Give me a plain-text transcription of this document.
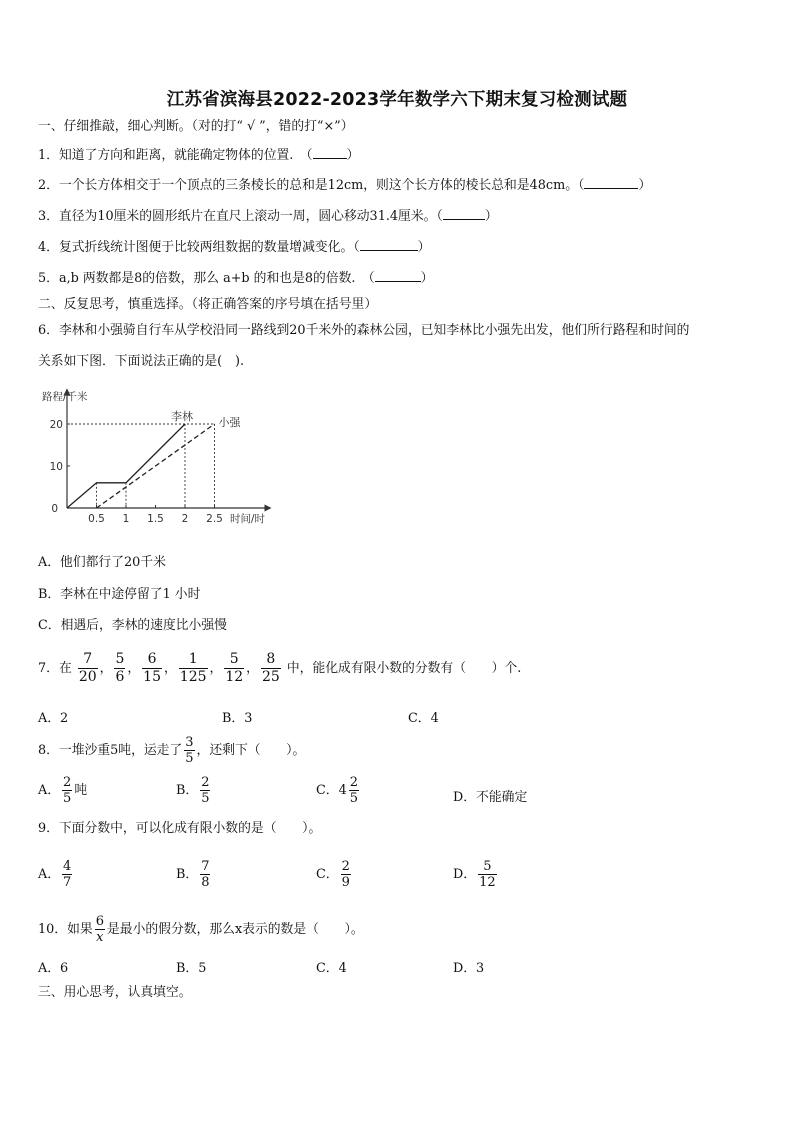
江苏省滨海县2022-2023学年数学六下期末复习检测试题
一、仔细推敲，细心判断。（对的打“ √ ”，错的打“×”）
1．知道了方向和距离，就能确定物体的位置.　（	）
2．一个长方体相交于一个顶点的三条棱长的总和是12cm，则这个长方体的棱长总和是48cm。（	）
3．直径为10厘米的圆形纸片在直尺上滚动一周，圆心移动31.4厘米。（	）
4．复式折线统计图便于比较两组数据的数量增减变化。（	）
5．a,b 两数都是8的倍数，那么 a+b 的和也是8的倍数.　（	）
二、反复思考，慎重选择。（将正确答案的序号填在括号里）
6．李林和小强骑自行车从学校沿同一路线到20千米外的森林公园，已知李林比小强先出发，他们所行路程和时间的
关系如下图．下面说法正确的是(　).
路程/千米
时间/时
0.5 1 1.5 2 2.5
10
20
0
李林 小强
A．他们都行了20千米
B．李林在中途停留了1 小时
C．相遇后，李林的速度比小强慢
7．在 $\frac{7}{20}$ ， $\frac{5}{6}$ ， $\frac{6}{15}$ ， $\frac{1}{125}$ ， $\frac{5}{12}$ ， $\frac{8}{25}$ 中，能化成有限小数的分数有（　　）个.
A．2	B．3	C．4
8．一堆沙重5吨，运走了 $\frac{3}{5}$ ，还剩下（　　）。
A． $\frac{2}{5}$ 吨	B． $\frac{2}{5}$	C．$4 \frac{2}{5}$	D．不能确定
9．下面分数中，可以化成有限小数的是（　　）。
A． $\frac{4}{7}$	B． $\frac{7}{8}$	C． $\frac{2}{9}$	D． $\frac{5}{12}$
10．如果 $\frac{6}{x}$ 是最小的假分数，那么x表示的数是（　　）。
A．6	B．5	C．4	D．3
三、用心思考，认真填空。
